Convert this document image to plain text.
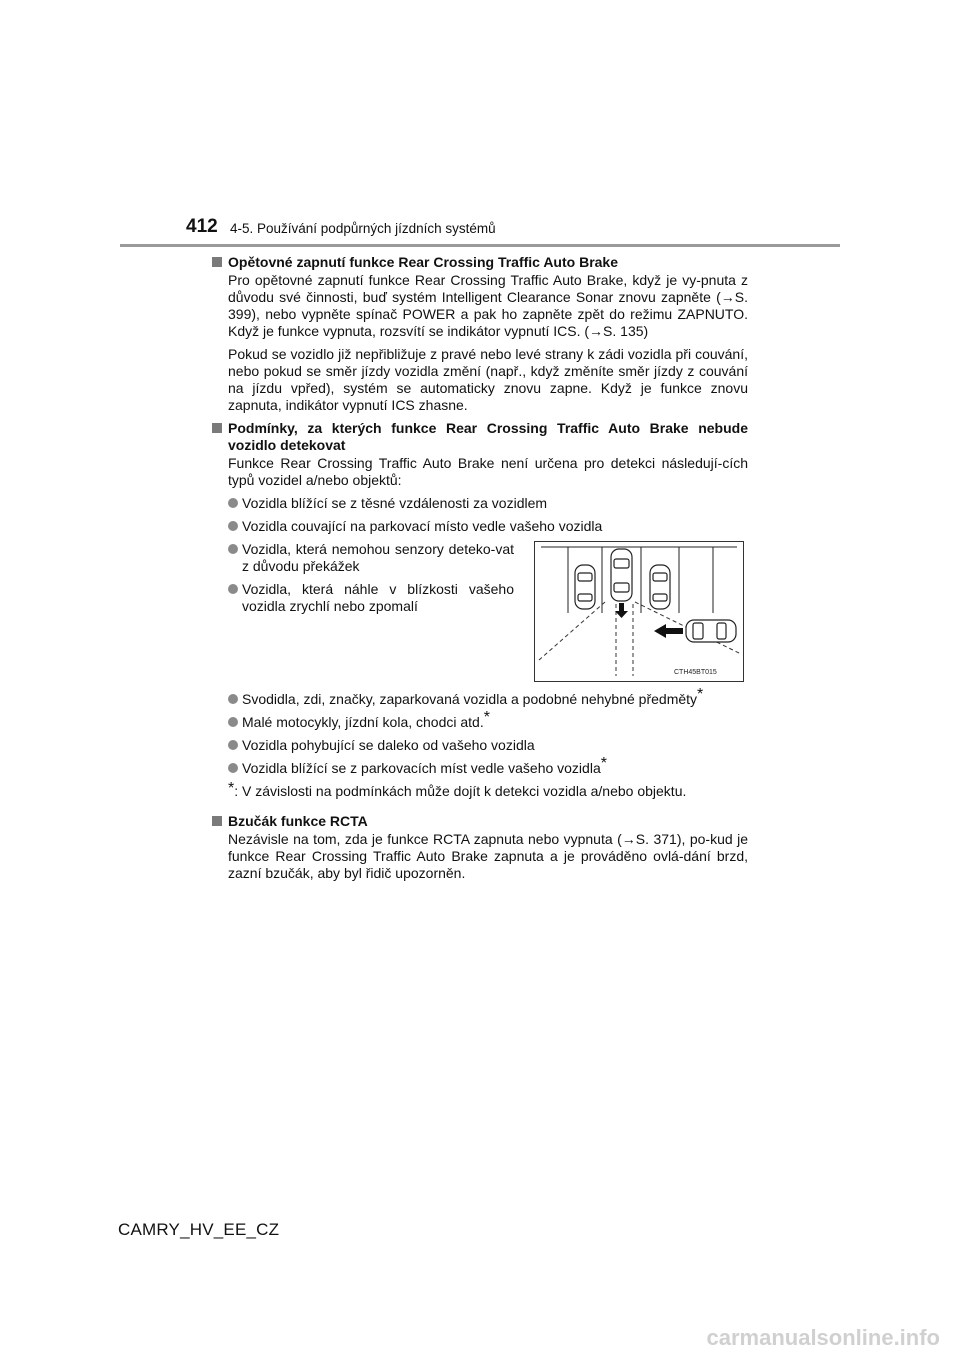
412 4-5. Používání podpůrných jízdních systémů
Opětovné zapnutí funkce Rear Crossing Traffic Auto Brake

Pro opětovné zapnutí funkce Rear Crossing Traffic Auto Brake, když je vy-pnuta z důvodu své činnosti, buď systém Intelligent Clearance Sonar znovu zapněte (→S. 399), nebo vypněte spínač POWER a pak ho zapněte zpět do režimu ZAPNUTO. Když je funkce vypnuta, rozsvítí se indikátor vypnutí ICS. (→S. 135)

Pokud se vozidlo již nepřibližuje z pravé nebo levé strany k zádi vozidla při couvání, nebo pokud se směr jízdy vozidla změní (např., když změníte směr jízdy z couvání na jízdu vpřed), systém se automaticky znovu zapne. Když je funkce znovu zapnuta, indikátor vypnutí ICS zhasne.

Podmínky, za kterých funkce Rear Crossing Traffic Auto Brake nebude vozidlo detekovat

Funkce Rear Crossing Traffic Auto Brake není určena pro detekci následují-cích typů vozidel a/nebo objektů:

Vozidla blížící se z těsné vzdálenosti za vozidlem
Vozidla couvající na parkovací místo vedle vašeho vozidla
Vozidla, která nemohou senzory deteko-vat z důvodu překážek
Vozidla, která náhle v blízkosti vašeho vozidla zrychlí nebo zpomalí
CTH45BT015
Svodidla, zdi, značky, zaparkovaná vozidla a podobné nehybné předměty*
Malé motocykly, jízdní kola, chodci atd.*
Vozidla pohybující se daleko od vašeho vozidla
Vozidla blížící se z parkovacích míst vedle vašeho vozidla*

*: V závislosti na podmínkách může dojít k detekci vozidla a/nebo objektu.

Bzučák funkce RCTA

Nezávisle na tom, zda je funkce RCTA zapnuta nebo vypnuta (→S. 371), po-kud je funkce Rear Crossing Traffic Auto Brake zapnuta a je prováděno ovlá-dání brzd, zazní bzučák, aby byl řidič upozorněn.

CAMRY_HV_EE_CZ
carmanualsonline.info
